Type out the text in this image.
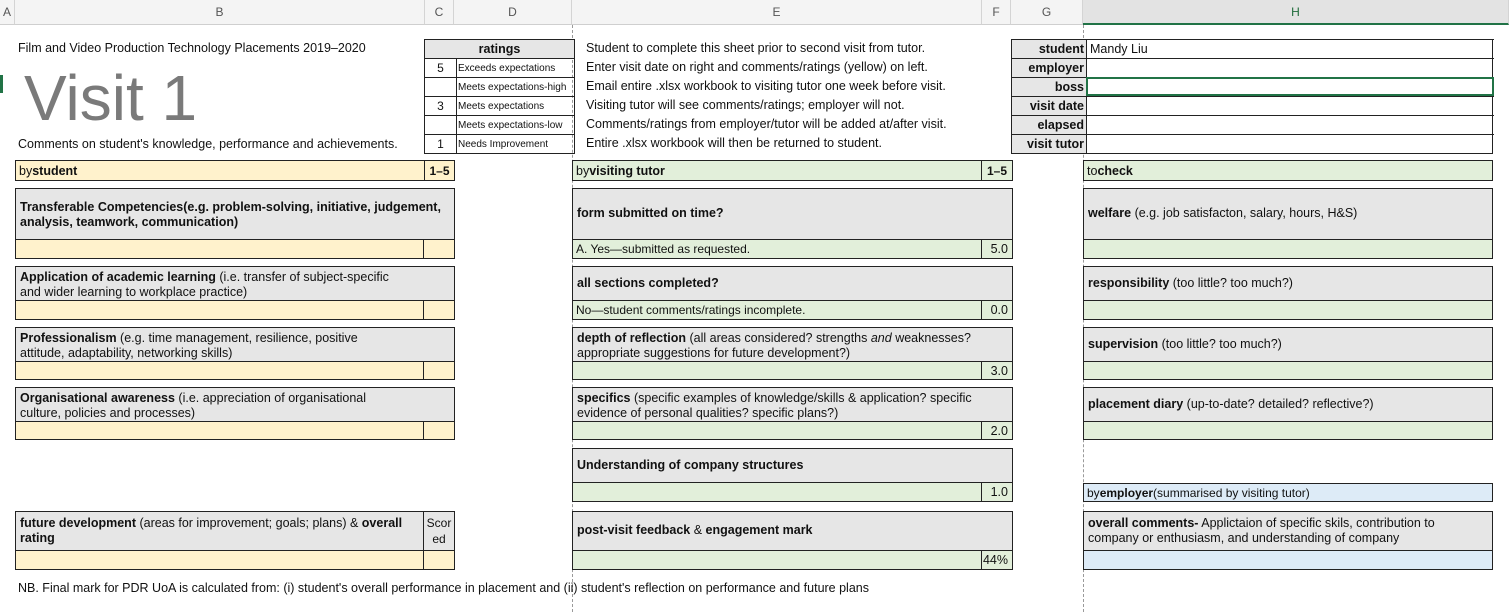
A	B	C	D	E	F	G	H
Film and Video Production Technology Placements 2019–2020
Visit 1
Comments on student's knowledge, performance and achievements.
ratings
5	Exceeds expectations
Meets expectations-high
3	Meets expectations
Meets expectations-low
1	Needs Improvement
Student to complete this sheet prior to second visit from tutor.
Enter visit date on right and comments/ratings (yellow) on left.
Email entire .xlsx workbook to visiting tutor one week before visit.
Visiting tutor will see comments/ratings; employer will not.
Comments/ratings from employer/tutor will be added at/after visit.
Entire .xlsx workbook will then be returned to student.
student Mandy Liu
employer
boss
visit date
elapsed
visit tutor
by student	1–5
Transferable Competencies(e.g. problem-solving, initiative, judgement, analysis, teamwork, communication)
Application of academic learning (i.e. transfer of subject-specific and wider learning to workplace practice)
Professionalism (e.g. time management, resilience, positive attitude, adaptability, networking skills)
Organisational awareness (i.e. appreciation of organisational culture, policies and processes)
future development (areas for improvement; goals; plans) & overall rating
Scored
by visiting tutor	1–5
form submitted on time?
A. Yes—submitted as requested.	5.0
all sections completed?
No—student comments/ratings incomplete.	0.0
depth of reflection (all areas considered? strengths and weaknesses? appropriate suggestions for future development?)
3.0
specifics (specific examples of knowledge/skills & application? specific evidence of personal qualities? specific plans?)
2.0
Understanding of company structures
1.0
post-visit feedback & engagement mark
44%
to check
welfare (e.g. job satisfacton, salary, hours, H&S)
responsibility (too little? too much?)
supervision (too little? too much?)
placement diary (up-to-date? detailed? reflective?)
by employer (summarised by visiting tutor)
overall comments- Applictaion of specific skils, contribution to company or enthusiasm, and understanding of company
NB. Final mark for PDR UoA is calculated from: (i) student's overall performance in placement and (ii) student's reflection on performance and future plans
